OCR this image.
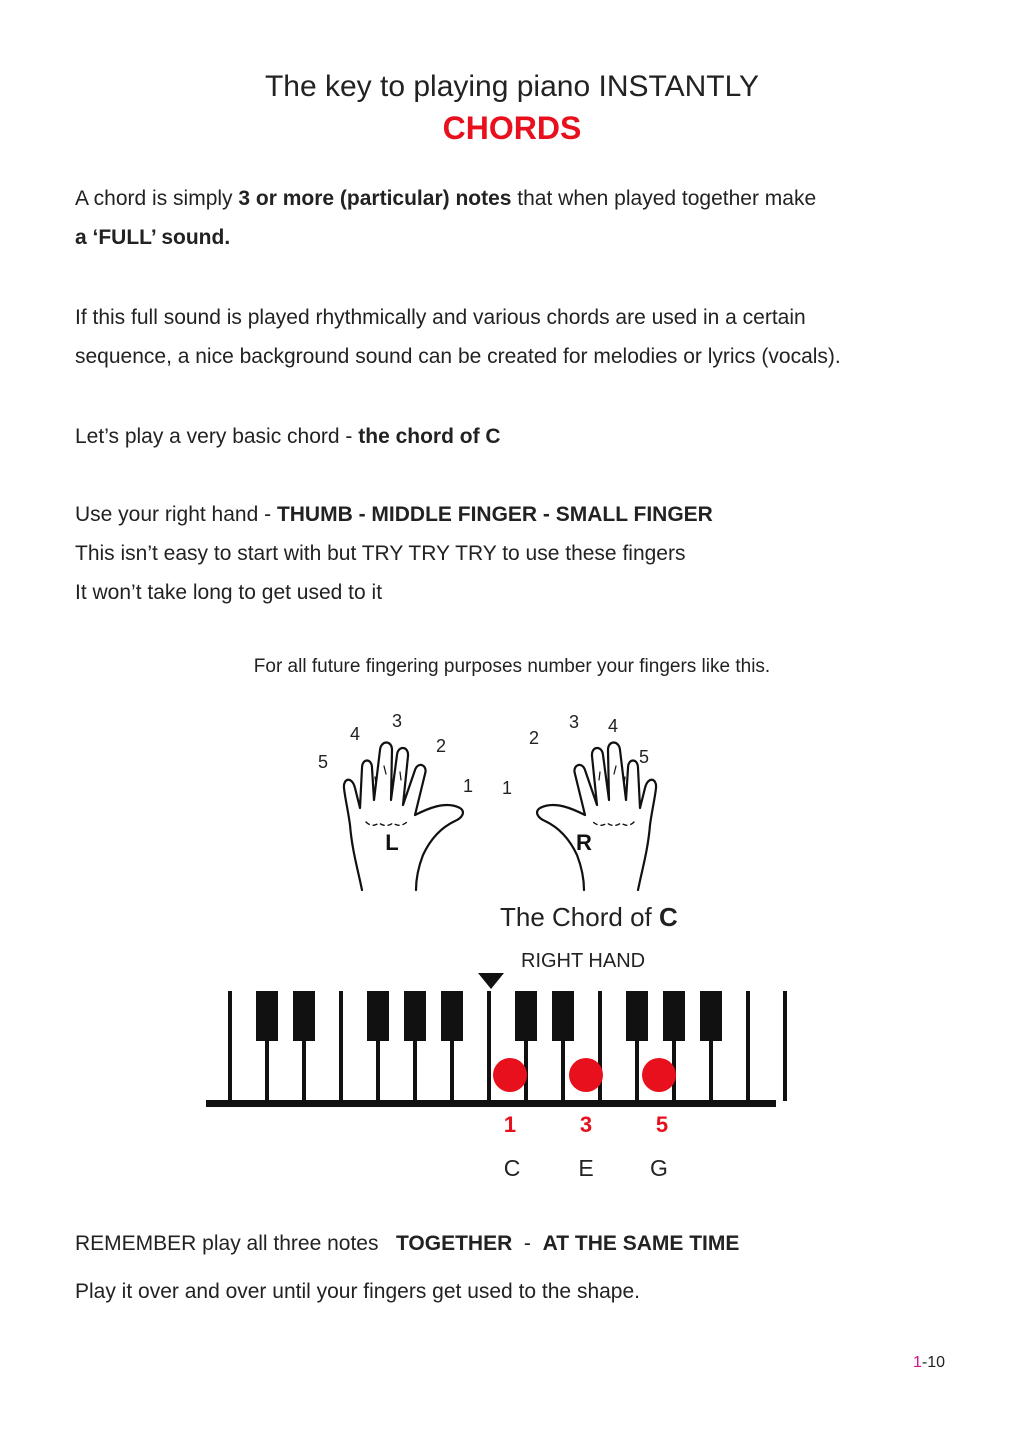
The key to playing piano INSTANTLY
CHORDS
A chord is simply 3 or more (particular) notes that when played together make
a ‘FULL’ sound.
If this full sound is played rhythmically and various chords are used in a certain
sequence, a nice background sound can be created for melodies or lyrics (vocals).
Let’s play a very basic chord - the chord of C
Use your right hand - THUMB - MIDDLE FINGER - SMALL FINGER
This isn’t easy to start with but TRY TRY TRY to use these fingers
It won’t take long to get used to it
For all future fingering purposes number your fingers like this.
L	R
5
4
3
2
1 1
2
3 4
5
The Chord of C
RIGHT HAND
1	3	5
C	E G
REMEMBER play all three notes   TOGETHER  -  AT THE SAME TIME
Play it over and over until your fingers get used to the shape.
1-10
